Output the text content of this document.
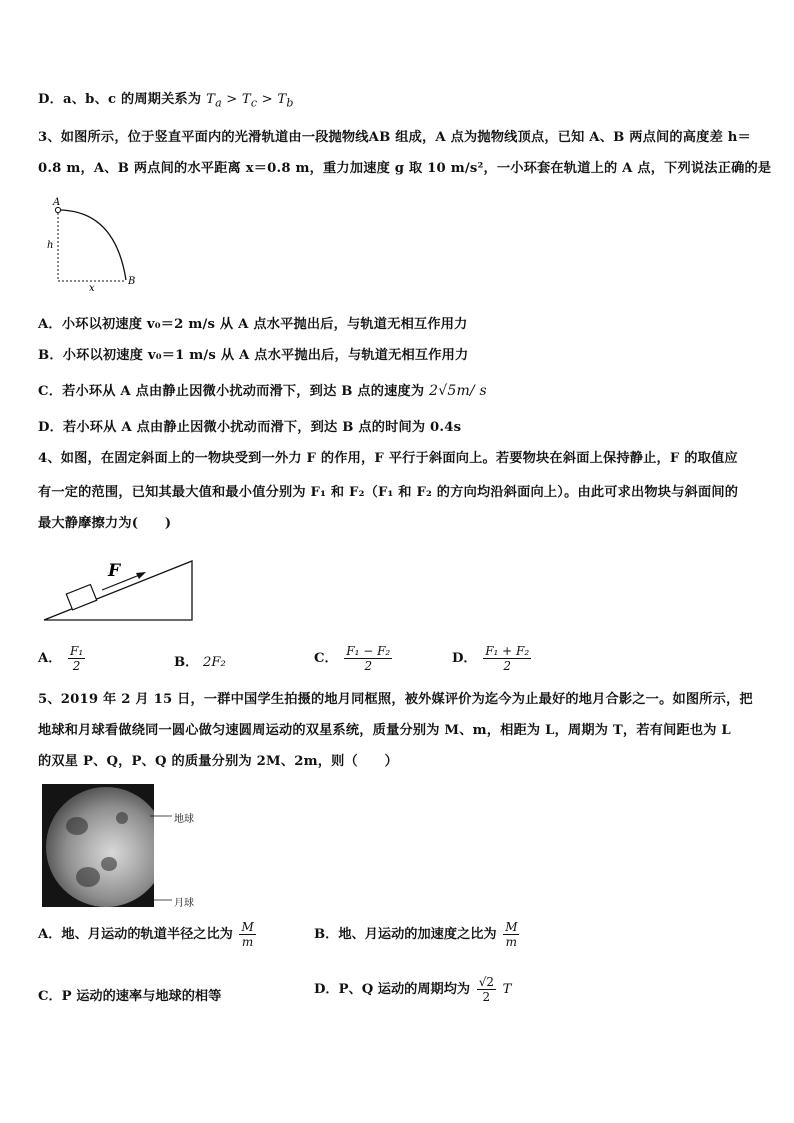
D．a、b、c 的周期关系为 $T_a > T_c > T_b$
3、如图所示，位于竖直平面内的光滑轨道由一段抛物线AB 组成，A 点为抛物线顶点，已知 A、B 两点间的高度差 h＝
0.8 m，A、B 两点间的水平距离 x＝0.8 m，重力加速度 g 取 10 m/s²，一小环套在轨道上的 A 点，下列说法正确的是
A
h
B
x
A．小环以初速度 v₀＝2 m/s 从 A 点水平抛出后，与轨道无相互作用力
B．小环以初速度 v₀＝1 m/s 从 A 点水平抛出后，与轨道无相互作用力
C．若小环从 A 点由静止因微小扰动而滑下，到达 B 点的速度为 2√5m/ s
D．若小环从 A 点由静止因微小扰动而滑下，到达 B 点的时间为 0.4s
4、如图，在固定斜面上的一物块受到一外力 F 的作用，F 平行于斜面向上。若要物块在斜面上保持静止，F 的取值应
有一定的范围，已知其最大值和最小值分别为 F₁ 和 F₂（F₁ 和 F₂ 的方向均沿斜面向上）。由此可求出物块与斜面间的
最大静摩擦力为(　　)
F
A． $\frac{\text{F₁}}{2}$	B． 2F₂	C． $\frac{\text{F₁ − F₂}}{2}$	D． $\frac{\text{F₁ + F₂}}{2}$
5、2019 年 2 月 15 日，一群中国学生拍摄的地月同框照，被外媒评价为迄今为止最好的地月合影之一。如图所示，把
地球和月球看做绕同一圆心做匀速圆周运动的双星系统，质量分别为 M、m，相距为 L，周期为 T，若有间距也为 L
的双星 P、Q，P、Q 的质量分别为 2M、2m，则（　　）
地球
月球
A．地、月运动的轨道半径之比为 $\frac{M}{m}$	B．地、月运动的加速度之比为 $\frac{M}{m}$
C．P 运动的速率与地球的相等	D．P、Q 运动的周期均为 $\frac{√2}{2}$ T
